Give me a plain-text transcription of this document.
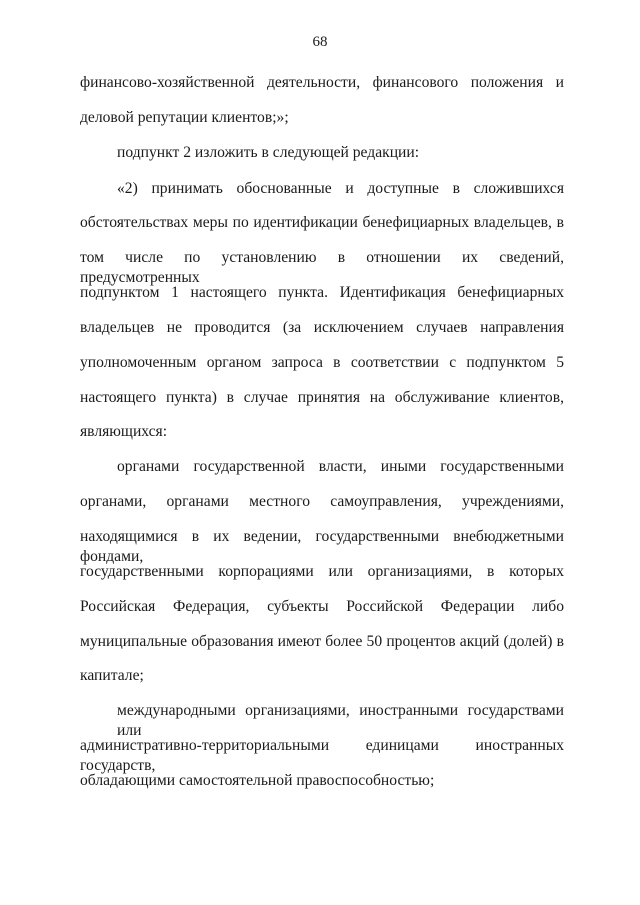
68
финансово-хозяйственной деятельности, финансового положения и
деловой репутации клиентов;»;
подпункт 2 изложить в следующей редакции:
«2) принимать обоснованные и доступные в сложившихся
обстоятельствах меры по идентификации бенефициарных владельцев, в
том числе по установлению в отношении их сведений, предусмотренных
подпунктом 1 настоящего пункта. Идентификация бенефициарных
владельцев не проводится (за исключением случаев направления
уполномоченным органом запроса в соответствии с подпунктом 5
настоящего пункта) в случае принятия на обслуживание клиентов,
являющихся:
органами государственной власти, иными государственными
органами, органами местного самоуправления, учреждениями,
находящимися в их ведении, государственными внебюджетными фондами,
государственными корпорациями или организациями, в которых
Российская Федерация, субъекты Российской Федерации либо
муниципальные образования имеют более 50 процентов акций (долей) в
капитале;
международными организациями, иностранными государствами или
административно-территориальными единицами иностранных государств,
обладающими самостоятельной правоспособностью;
